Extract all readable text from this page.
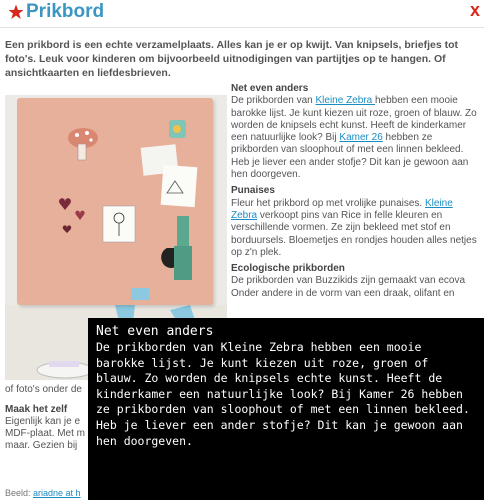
Prikbord	x
Een prikbord is een echte verzamelplaats. Alles kan je er op kwijt. Van knipsels, briefjes tot foto's. Leuk voor kinderen om bijvoorbeeld uitnodigingen van partijtjes op te hangen. Of ansichtkaarten en liefdesbrieven.
Net even anders

De prikborden van Kleine Zebra hebben een mooie barokke lijst. Je kunt kiezen uit roze, groen of blauw. Zo worden de knipsels echt kunst. Heeft de kinderkamer een natuurlijke look? Bij Kamer 26 hebben ze prikborden van sloophout of met een linnen bekleed. Heb je liever een ander stofje? Dit kan je gewoon aan hen doorgeven.

Punaises

Fleur het prikbord op met vrolijke punaises. Kleine Zebra verkoopt pins van Rice in felle kleuren en verschillende vormen. Ze zijn bekleed met stof en borduursels. Bloemetjes en rondjes houden alles netjes op z'n plek.

Ecologische prikborden

De prikborden van Buzzikids zijn gemaakt van ecova Onder andere in de vorm van een draak, olifant en

of foto's onder de
Maak het zelf
Eigenlijk kan je e MDF-plaat. Met m maar. Gezien bij
Beeld: ariadne at h
Net even anders

De prikborden van Kleine Zebra hebben een mooie barokke lijst. Je kunt kiezen uit roze, groen of blauw. Zo worden de knipsels echte kunst. Heeft de kinderkamer een natuurlijke look? Bij Kamer 26 hebben ze prikborden van sloophout of met een linnen bekleed. Heb je liever een ander stofje? Dit kan je gewoon aan hen doorgeven.
